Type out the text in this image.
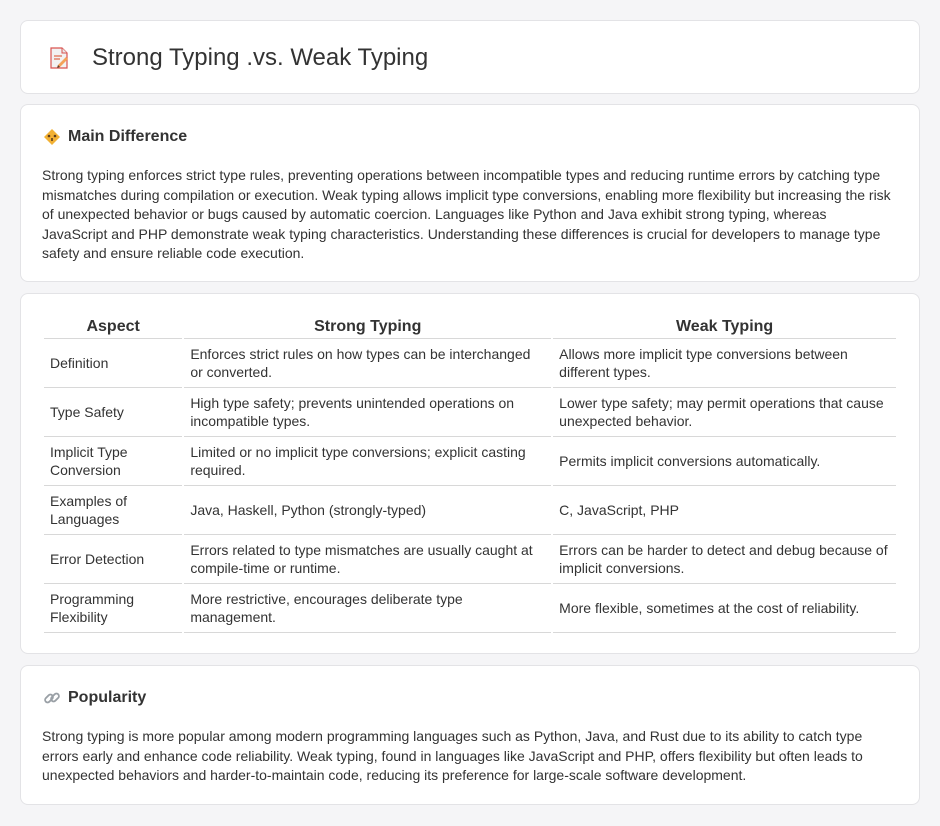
Strong Typing .vs. Weak Typing
Main Difference

Strong typing enforces strict type rules, preventing operations between incompatible types and reducing runtime errors by catching type mismatches during compilation or execution. Weak typing allows implicit type conversions, enabling more flexibility but increasing the risk of unexpected behavior or bugs caused by automatic coercion. Languages like Python and Java exhibit strong typing, whereas JavaScript and PHP demonstrate weak typing characteristics. Understanding these differences is crucial for developers to manage type safety and ensure reliable code execution.

Aspect	Strong Typing	Weak Typing
Definition	Enforces strict rules on how types can be interchanged or converted.	Allows more implicit type conversions between different types.
Type Safety	High type safety; prevents unintended operations on incompatible types.	Lower type safety; may permit operations that cause unexpected behavior.
Implicit Type Conversion	Limited or no implicit type conversions; explicit casting required.	Permits implicit conversions automatically.
Examples of Languages	Java, Haskell, Python (strongly-typed)	C, JavaScript, PHP
Error Detection	Errors related to type mismatches are usually caught at compile-time or runtime.	Errors can be harder to detect and debug because of implicit conversions.
Programming Flexibility	More restrictive, encourages deliberate type management.	More flexible, sometimes at the cost of reliability.
Popularity

Strong typing is more popular among modern programming languages such as Python, Java, and Rust due to its ability to catch type errors early and enhance code reliability. Weak typing, found in languages like JavaScript and PHP, offers flexibility but often leads to unexpected behaviors and harder-to-maintain code, reducing its preference for large-scale software development.
